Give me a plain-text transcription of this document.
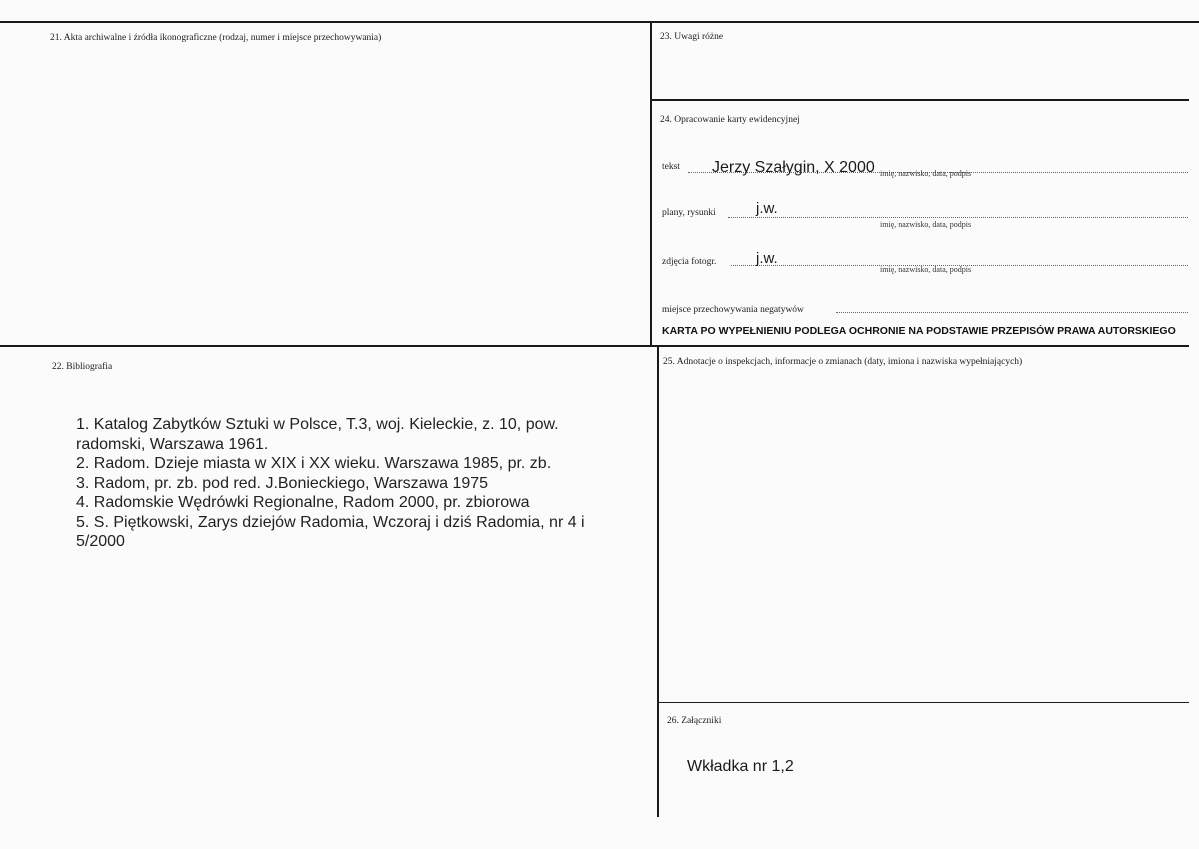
21. Akta archiwalne i źródła ikonograficzne (rodzaj, numer i miejsce przechowywania)	23. Uwagi różne
24. Opracowanie karty ewidencyjnej
tekst Jerzy Szałygin, X 2000 imię, nazwisko, data, podpis
plany, rysunki	j.w.
imię, nazwisko, data, podpis
zdjęcia fotogr.	j.w.
imię, nazwisko, data, podpis
miejsce przechowywania negatywów
KARTA PO WYPEŁNIENIU PODLEGA OCHRONIE NA PODSTAWIE PRZEPISÓW PRAWA AUTORSKIEGO
22. Bibliografia
1. Katalog Zabytków Sztuki w Polsce, T.3, woj. Kieleckie, z. 10, pow. radomski, Warszawa 1961.
2. Radom. Dzieje miasta w XIX i XX wieku. Warszawa 1985, pr. zb.
3. Radom, pr. zb. pod red. J.Bonieckiego, Warszawa 1975
4. Radomskie Wędrówki Regionalne, Radom 2000, pr. zbiorowa
5. S. Piętkowski, Zarys dziejów Radomia, Wczoraj i dziś Radomia, nr 4 i 5/2000
25. Adnotacje o inspekcjach, informacje o zmianach (daty, imiona i nazwiska wypełniających)
26. Załączniki
Wkładka nr 1,2
